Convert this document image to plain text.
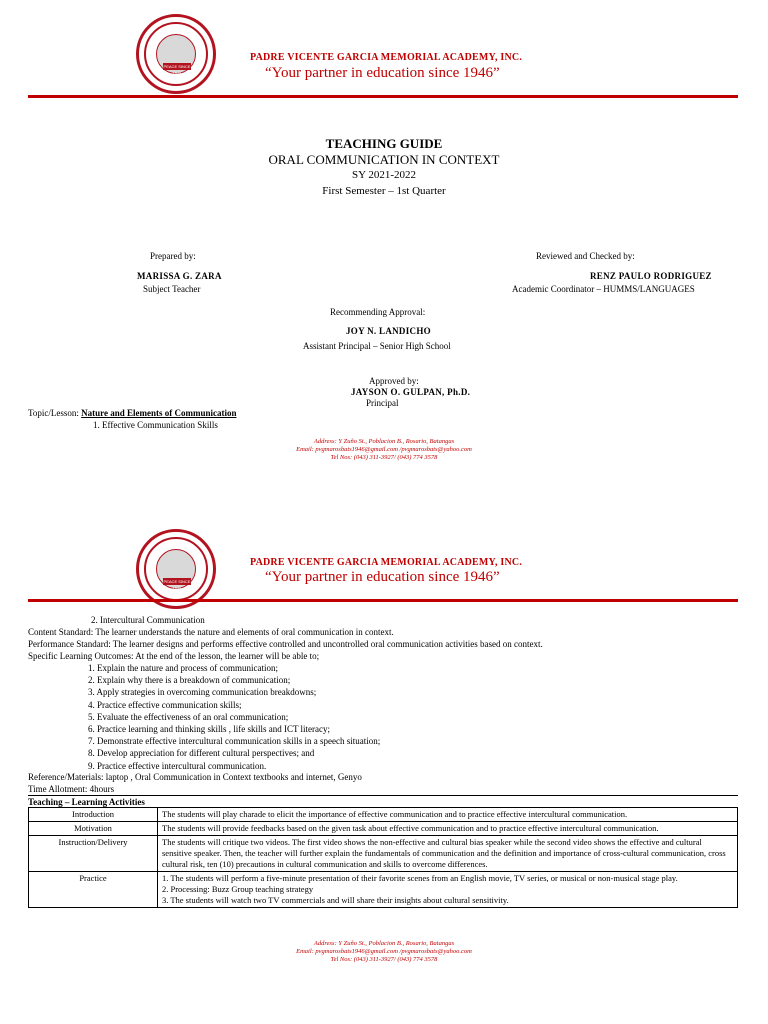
PEACE SINCE 1946
PADRE VICENTE GARCIA MEMORIAL ACADEMY, INC.
“Your partner in education since 1946”
TEACHING GUIDE
ORAL COMMUNICATION IN CONTEXT
SY 2021-2022
First Semester – 1st Quarter
Prepared by:
MARISSA G. ZARA
Subject Teacher
Reviewed and Checked by:
RENZ PAULO RODRIGUEZ
Academic Coordinator – HUMMS/LANGUAGES
Recommending Approval:
JOY N. LANDICHO
Assistant Principal – Senior High School
Approved by:
JAYSON O. GULPAN, Ph.D.
Principal
Topic/Lesson: Nature and Elements of Communication
1. Effective Communication Skills
Address: Y Zuño St., Poblacion B., Rosario, Batangas
Email: pvgmarosbats1946@gmail.com /pvgmarosbats@yahoo.com
Tel Nos: (043) 311-3927/ (043) 774 3578
PEACE SINCE 1946
PADRE VICENTE GARCIA MEMORIAL ACADEMY, INC.
“Your partner in education since 1946”
2. Intercultural Communication
Content Standard: The learner understands the nature and elements of oral communication in context.
Performance Standard: The learner designs and performs effective controlled and uncontrolled oral communication activities based on context.
Specific Learning Outcomes: At the end of the lesson, the learner will be able to;
1. Explain the nature and process of communication;
2. Explain why there is a breakdown of communication;
3. Apply strategies in overcoming communication breakdowns;
4. Practice effective communication skills;
5. Evaluate the effectiveness of an oral communication;
6. Practice learning and thinking skills , life skills and ICT literacy;
7. Demonstrate effective intercultural communication skills in a speech situation;
8. Develop appreciation for different cultural perspectives; and
9. Practice effective intercultural communication.
Reference/Materials: laptop , Oral Communication in Context textbooks and internet, Genyo
Time Allotment: 4hours
Teaching – Learning Activities
Introduction	The students will play charade to elicit the importance of effective communication and to practice effective intercultural communication.
Motivation	The students will provide feedbacks based on the given task about effective communication and to practice effective intercultural communication.
Instruction/Delivery	The students will critique two videos. The first video shows the non-effective and cultural bias speaker while the second video shows the effective and cultural sensitive speaker. Then, the teacher will further explain the fundamentals of communication and the definition and importance of cross-cultural communication, cross cultural risk, ten (10) precautions in cultural communication and skills to overcome differences.
Practice	1. The students will perform a five-minute presentation of their favorite scenes from an English movie, TV series, or musical or non-musical stage play.
2. Processing: Buzz Group teaching strategy
3. The students will watch two TV commercials and will share their insights about cultural sensitivity.
Address: Y Zuño St., Poblacion B., Rosario, Batangas
Email: pvgmarosbats1946@gmail.com /pvgmarosbats@yahoo.com
Tel Nos: (043) 311-3927/ (043) 774 3578
